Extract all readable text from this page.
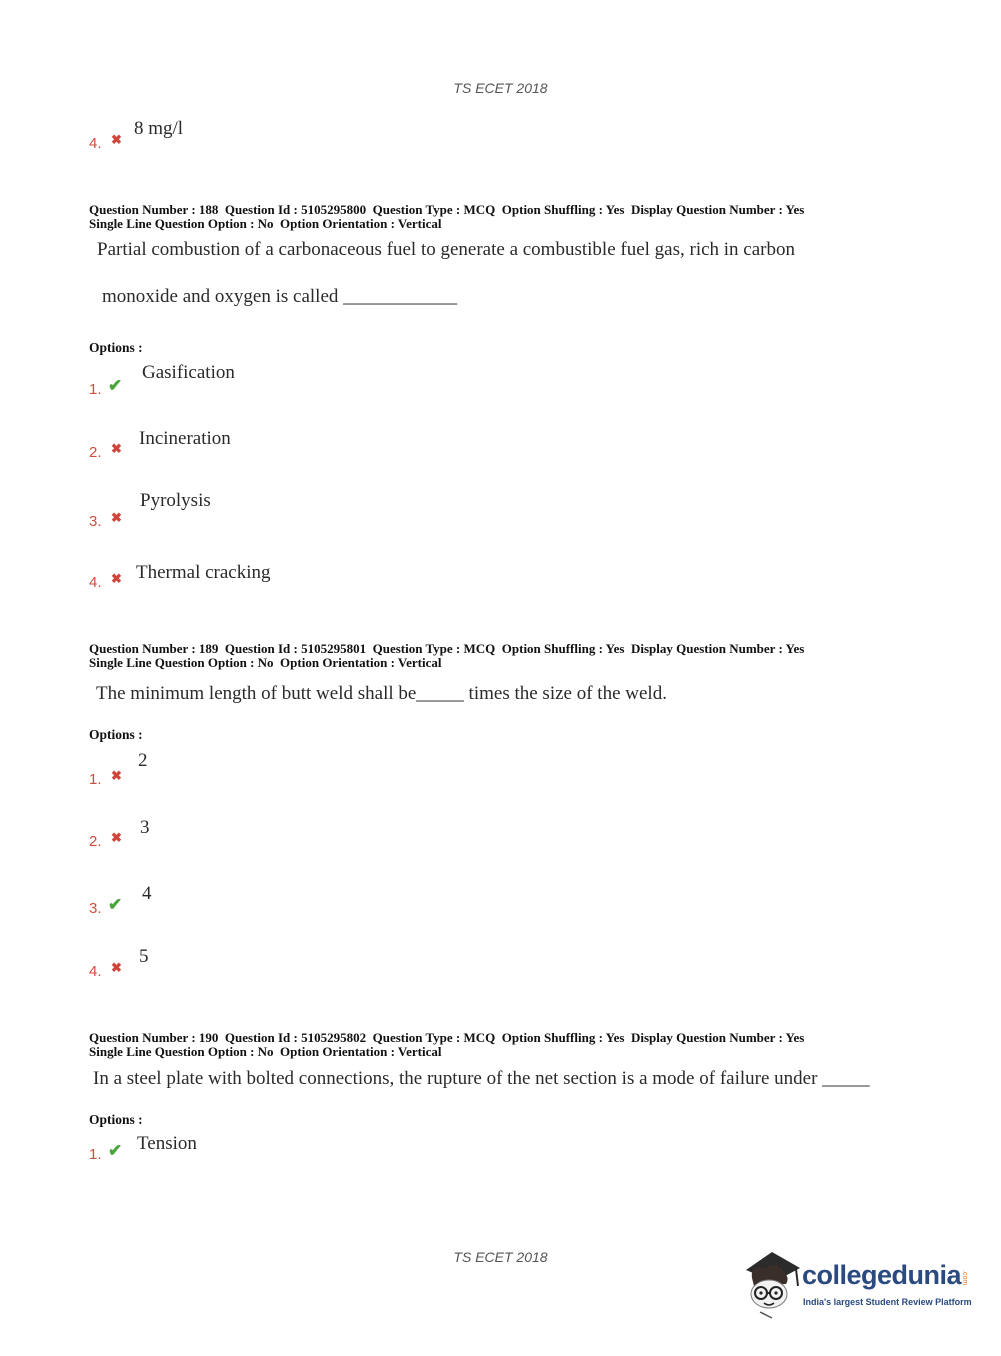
TS ECET 2018
4. ✖
8 mg/l
Question Number : 188  Question Id : 5105295800  Question Type : MCQ  Option Shuffling : Yes  Display Question Number : Yes
Single Line Question Option : No  Option Orientation : Vertical
Partial combustion of a carbonaceous fuel to generate a combustible fuel gas, rich in carbon
monoxide and oxygen is called ____________
Options :
1. ✔
Gasification
2. ✖ Incineration
3. ✖
Pyrolysis
4. ✖ Thermal cracking
Question Number : 189  Question Id : 5105295801  Question Type : MCQ  Option Shuffling : Yes  Display Question Number : Yes
Single Line Question Option : No  Option Orientation : Vertical
The minimum length of butt weld shall be_____ times the size of the weld.
Options :
1. ✖
2
2. ✖ 3
3. ✔
4
4. ✖
5
Question Number : 190  Question Id : 5105295802  Question Type : MCQ  Option Shuffling : Yes  Display Question Number : Yes
Single Line Question Option : No  Option Orientation : Vertical
In a steel plate with bolted connections, the rupture of the net section is a mode of failure under _____
Options :
1. ✔ Tension
TS ECET 2018
collegedunia .com
India's largest Student Review Platform
